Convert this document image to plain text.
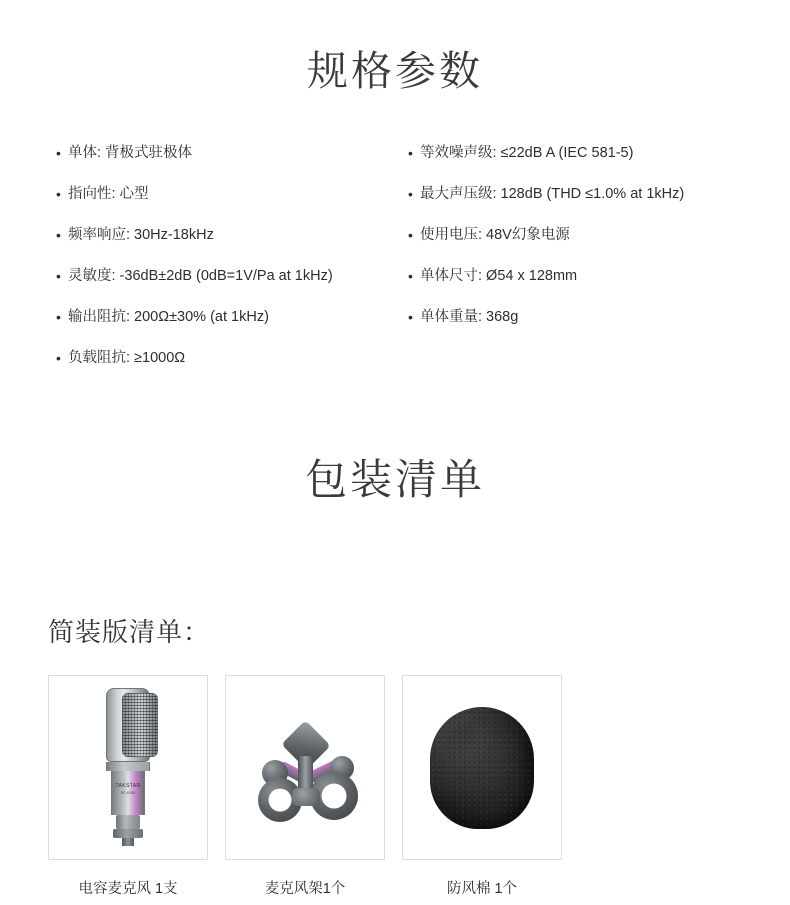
规格参数
• 单体: 背极式驻极体
• 指向性: 心型
• 频率响应: 30Hz-18kHz
• 灵敏度: -36dB±2dB (0dB=1V/Pa at 1kHz)
• 输出阻抗: 200Ω±30% (at 1kHz)
• 负载阻抗: ≥1000Ω
• 等效噪声级: ≤22dB A (IEC 581-5)
• 最大声压级: 128dB (THD ≤1.0% at 1kHz)
• 使用电压: 48V幻象电源
• 单体尺寸: Ø54 x 128mm
• 单体重量: 368g
包装清单
简装版清单：
TAKSTAR
PC-K200
电容麦克风 1支	麦克风架1个	防风棉 1个
